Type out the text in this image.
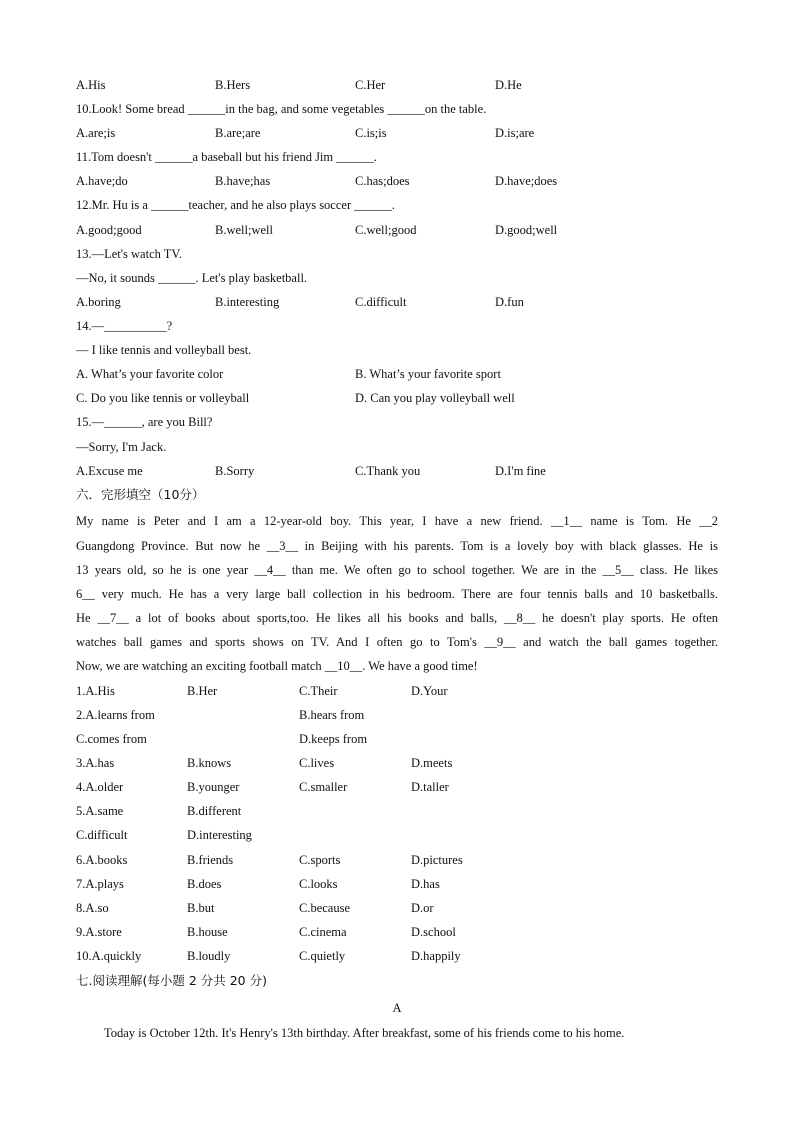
A.His	B.Hers	C.Her	D.He
10.Look! Some bread ______in the bag, and some vegetables ______on the table.
A.are;is	B.are;are	C.is;is	D.is;are
11.Tom doesn't ______a baseball but his friend Jim ______.
A.have;do	B.have;has	C.has;does	D.have;does
12.Mr. Hu is a ______teacher, and he also plays soccer ______.
A.good;good	B.well;well	C.well;good	D.good;well
13.—Let's watch TV.
—No, it sounds ______. Let's play basketball.
A.boring	B.interesting	C.difficult	D.fun
14.—__________?
— I like tennis and volleyball best.
A. What’s your favorite color	B. What’s your favorite sport
C. Do you like tennis or volleyball	D. Can you play volleyball well
15.—______, are you Bill?
—Sorry, I'm Jack.
A.Excuse me	B.Sorry	C.Thank you	D.I'm fine
六．完形填空（10分）
My name is Peter and I am a 12-year-old boy. This year, I have a new friend. __1__ name is Tom. He __2
Guangdong Province. But now he __3__ in Beijing with his parents. Tom is a lovely boy with black glasses. He is
13 years old, so he is one year __4__ than me. We often go to school together. We are in the __5__ class. He likes
6__ very much. He has a very large ball collection in his bedroom. There are four tennis balls and 10 basketballs.
He __7__ a lot of books about sports,too. He likes all his books and balls, __8__ he doesn't play sports. He often
watches ball games and sports shows on TV. And I often go to Tom's __9__ and watch the ball games together.
Now, we are watching an exciting football match __10__. We have a good time!
1.A.His	B.Her	C.Their	D.Your
2.A.learns from	B.hears from
C.comes from	D.keeps from
3.A.has	B.knows	C.lives	D.meets
4.A.older	B.younger	C.smaller	D.taller
5.A.same	B.different
C.difficult	D.interesting
6.A.books	B.friends	C.sports	D.pictures
7.A.plays	B.does	C.looks	D.has
8.A.so	B.but	C.because	D.or
9.A.store	B.house	C.cinema	D.school
10.A.quickly	B.loudly	C.quietly	D.happily
七.阅读理解(每小题 2 分共 20 分)
A
Today is October 12th. It's Henry's 13th birthday. After breakfast, some of his friends come to his home.
